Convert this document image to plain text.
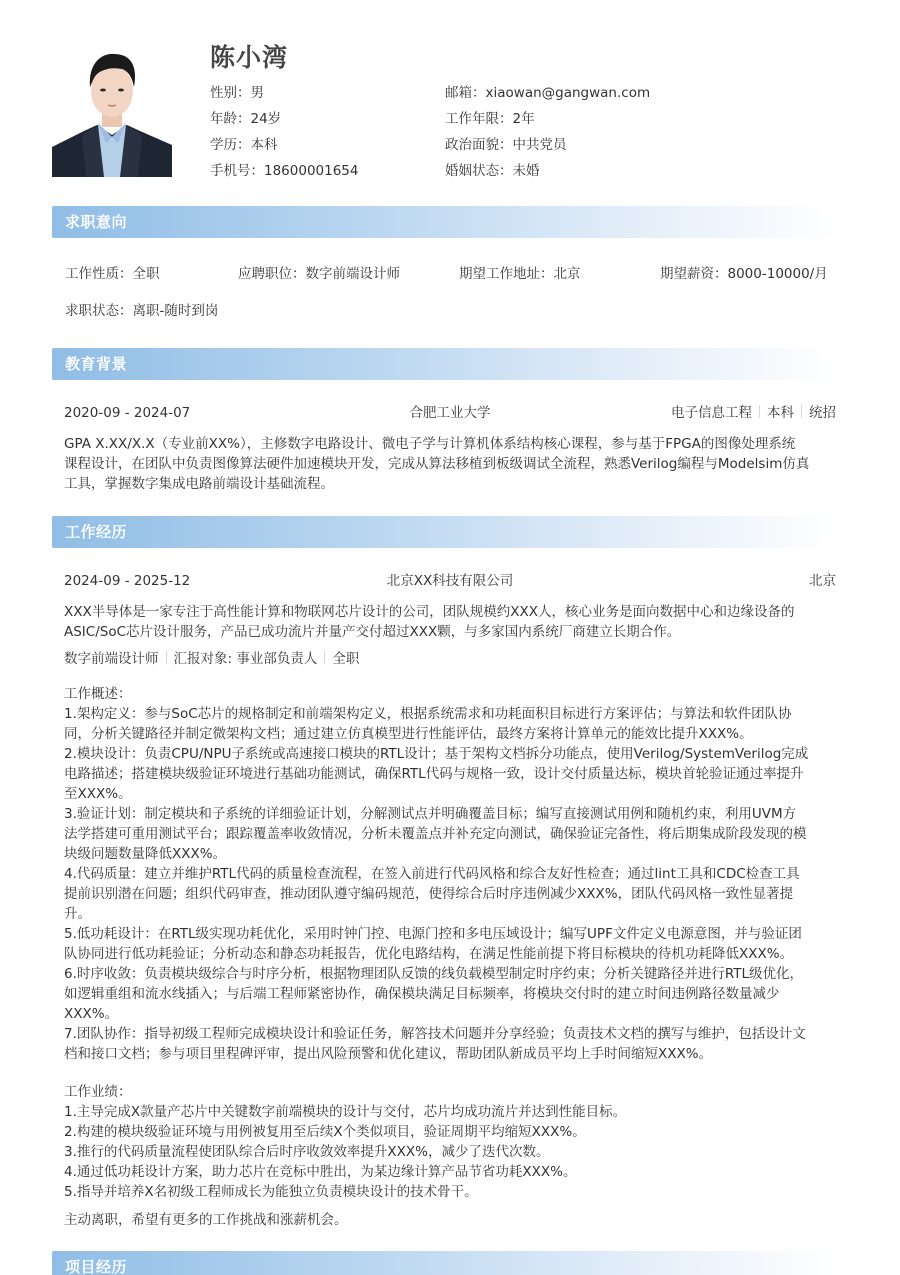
陈小湾
性别：男
年龄：24岁
学历：本科
手机号：18600001654
邮箱：xiaowan@gangwan.com
工作年限：2年
政治面貌：中共党员
婚姻状态：未婚
求职意向
工作性质：全职	应聘职位：数字前端设计师	期望工作地址：北京	期望薪资：8000-10000/月
求职状态：离职-随时到岗
教育背景
2020-09 - 2024-07	合肥工业大学	电子信息工程 本科 统招

GPA X.XX/X.X（专业前XX%），主修数字电路设计、微电子学与计算机体系结构核心课程，参与基于FPGA的图像处理系统

课程设计，在团队中负责图像算法硬件加速模块开发，完成从算法移植到板级调试全流程，熟悉Verilog编程与Modelsim仿真

工具，掌握数字集成电路前端设计基础流程。

工作经历
2024-09 - 2025-12	北京XX科技有限公司	北京

XXX半导体是一家专注于高性能计算和物联网芯片设计的公司，团队规模约XXX人，核心业务是面向数据中心和边缘设备的

ASIC/SoC芯片设计服务，产品已成功流片并量产交付超过XXX颗，与多家国内系统厂商建立长期合作。

数字前端设计师 汇报对象: 事业部负责人 全职

工作概述：

1.架构定义：参与SoC芯片的规格制定和前端架构定义，根据系统需求和功耗面积目标进行方案评估；与算法和软件团队协

同，分析关键路径并制定微架构文档；通过建立仿真模型进行性能评估，最终方案将计算单元的能效比提升XXX%。

2.模块设计：负责CPU/NPU子系统或高速接口模块的RTL设计；基于架构文档拆分功能点，使用Verilog/SystemVerilog完成

电路描述；搭建模块级验证环境进行基础功能测试，确保RTL代码与规格一致，设计交付质量达标，模块首轮验证通过率提升

至XXX%。

3.验证计划：制定模块和子系统的详细验证计划，分解测试点并明确覆盖目标；编写直接测试用例和随机约束，利用UVM方

法学搭建可重用测试平台；跟踪覆盖率收敛情况，分析未覆盖点并补充定向测试，确保验证完备性，将后期集成阶段发现的模

块级问题数量降低XXX%。

4.代码质量：建立并维护RTL代码的质量检查流程，在签入前进行代码风格和综合友好性检查；通过lint工具和CDC检查工具

提前识别潜在问题；组织代码审查，推动团队遵守编码规范，使得综合后时序违例减少XXX%，团队代码风格一致性显著提

升。

5.低功耗设计：在RTL级实现功耗优化，采用时钟门控、电源门控和多电压域设计；编写UPF文件定义电源意图，并与验证团

队协同进行低功耗验证；分析动态和静态功耗报告，优化电路结构，在满足性能前提下将目标模块的待机功耗降低XXX%。

6.时序收敛：负责模块级综合与时序分析，根据物理团队反馈的线负载模型制定时序约束；分析关键路径并进行RTL级优化，

如逻辑重组和流水线插入；与后端工程师紧密协作，确保模块满足目标频率，将模块交付时的建立时间违例路径数量减少

XXX%。

7.团队协作：指导初级工程师完成模块设计和验证任务，解答技术问题并分享经验；负责技术文档的撰写与维护，包括设计文

档和接口文档；参与项目里程碑评审，提出风险预警和优化建议，帮助团队新成员平均上手时间缩短XXX%。

工作业绩：

1.主导完成X款量产芯片中关键数字前端模块的设计与交付，芯片均成功流片并达到性能目标。

2.构建的模块级验证环境与用例被复用至后续X个类似项目，验证周期平均缩短XXX%。

3.推行的代码质量流程使团队综合后时序收敛效率提升XXX%，减少了迭代次数。

4.通过低功耗设计方案，助力芯片在竞标中胜出，为某边缘计算产品节省功耗XXX%。

5.指导并培养X名初级工程师成长为能独立负责模块设计的技术骨干。

主动离职，希望有更多的工作挑战和涨薪机会。

项目经历
